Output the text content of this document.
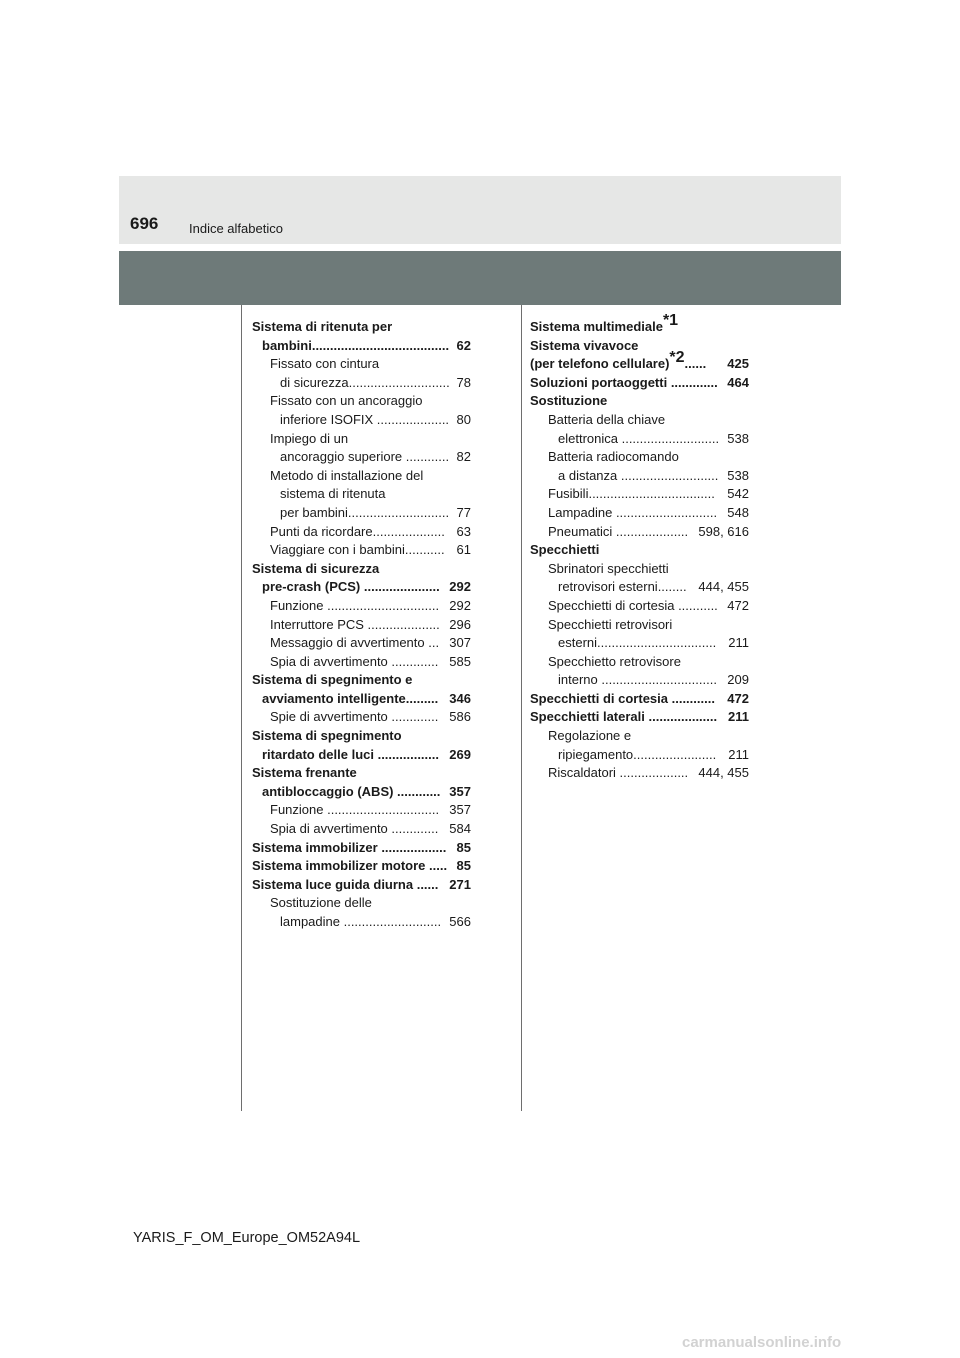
696 Indice alfabetico
Sistema di ritenuta per

62
bambini......................................
Fissato con cintura

78
di sicurezza............................
Fissato con un ancoraggio

80
inferiore ISOFIX ....................
Impiego di un

82
ancoraggio superiore ............
Metodo di installazione del
sistema di ritenuta

77
per bambini............................
63
Punti da ricordare....................
61
Viaggiare con i bambini...........
Sistema di sicurezza

292
pre-crash (PCS) .....................
292
Funzione ...............................
296
Interruttore PCS ....................
307
Messaggio di avvertimento ...
585
Spia di avvertimento .............
Sistema di spegnimento e

346
avviamento intelligente.........
586
Spie di avvertimento .............
Sistema di spegnimento

269
ritardato delle luci .................
Sistema frenante

357
antibloccaggio (ABS) ............
357
Funzione ...............................
584
Spia di avvertimento .............
85
Sistema immobilizer ..................
85
Sistema immobilizer motore .....
271
Sistema luce guida diurna ......
Sostituzione delle

566
lampadine ...........................
Sistema multimediale*1
Sistema vivavoce
425
(per telefono cellulare)*2......
464
Soluzioni portaoggetti .............
Sostituzione
Batteria della chiave

538
elettronica ...........................
Batteria radiocomando

538
a distanza ...........................
542
Fusibili...................................
548
Lampadine ............................
598, 616
Pneumatici ....................
Specchietti
Sbrinatori specchietti

444, 455
retrovisori esterni........
472
Specchietti di cortesia ...........
Specchietti retrovisori

211
esterni.................................
Specchietto retrovisore

209
interno ................................
472
Specchietti di cortesia ............
211
Specchietti laterali ...................
Regolazione e

211
ripiegamento.......................
444, 455
Riscaldatori ...................
YARIS_F_OM_Europe_OM52A94L
carmanualsonline.info
